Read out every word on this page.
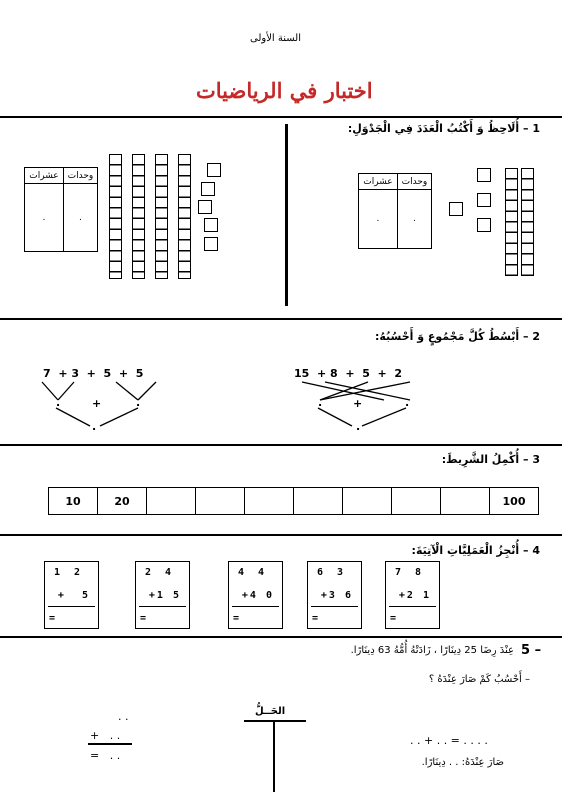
السنة الأولى
اختبار في الرياضيات
1 – أُلَاحِظُ وَ أَكْتُبُ الْعَدَدَ فِي الْجَدْوَلِ:
عشرات	وحدات
.	.
عشرات	وحدات
.	.
2 – أَبْسُطُ كُلَّ مَجْمُوعٍ وَ أَحْسُبُهُ:
15  + 8  +  5  +  2
.	+	.
.
7  + 3  +  5  +  5
.	+	.
.
3 – أُكْمِلُ الشَّرِيطَ:
10	20	100
4 – أُنْجِزُ الْعَمَلِيَّاتِ الْآتِيَةَ:
7 8
+2 1
=
6 3
+3 6
=
4 4
+4 0
=
2 4
+1 5
=
1 2
+  5
=
5 –
عِنْدَ رِضَا 25 دِينَارًا ، زَادَتْهُ أُمُّهُ 63 دِينَارًا.
– أَحْسُبُ كَمْ صَارَ عِنْدَهُ ؟
الحَــلُّ
. . + . . = . . . .
صَارَ عِنْدَهُ: . . دِينَارًا.
. .
+   . .
=   . .
